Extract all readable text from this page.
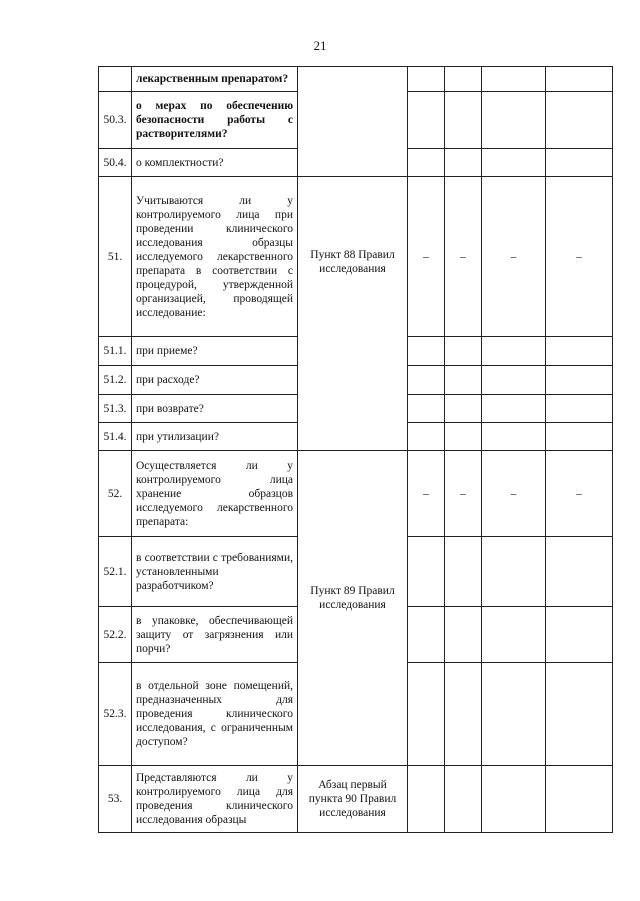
21
	лекарственным препаратом?					
50.3.	о мерах по обеспечению безопасности работы с растворителями?					
50.4.	о комплектности?					
51.	Учитываются ли у контролируемого лица при проведении клинического исследования образцы исследуемого лекарственного препарата в соответствии с процедурой, утвержденной организацией, проводящей исследование:	Пункт 88 Правил исследования	–	–	–	–
51.1.	при приеме?					
51.2.	при расходе?					
51.3.	при возврате?					
51.4.	при утилизации?					
52.	Осуществляется ли у контролируемого лица хранение образцов исследуемого лекарственного препарата:	Пункт 89 Правил исследования	–	–	–	–
52.1.	в соответствии с требованиями, установленными разработчиком?					
52.2.	в упаковке, обеспечивающей защиту от загрязнения или порчи?					
52.3.	в отдельной зоне помещений, предназначенных для проведения клинического исследования, с ограниченным доступом?					
53.	Представляются ли у контролируемого лица для проведения клинического исследования образцы	Абзац первый пункта 90 Правил исследования				
